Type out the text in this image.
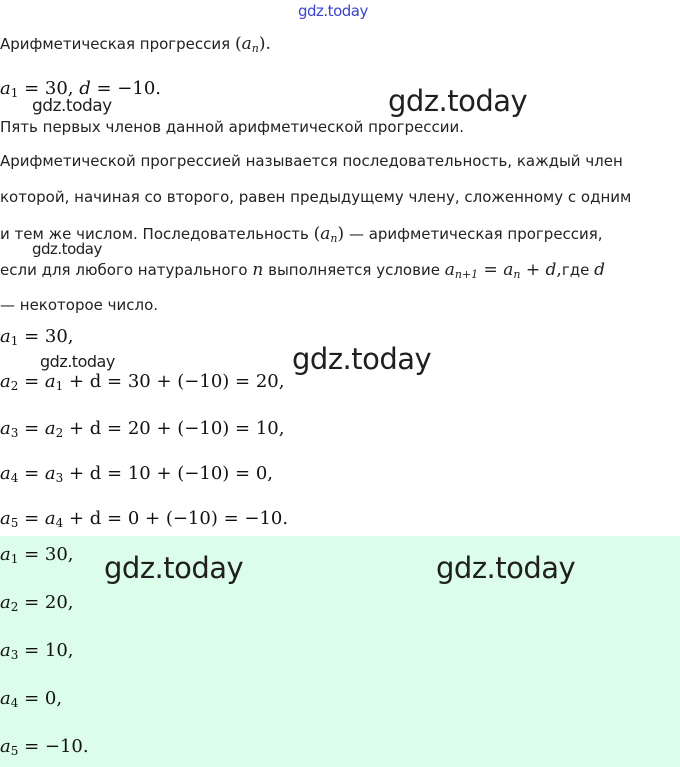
gdz.today
Арифметическая прогрессия $(a_n)$.
$a_1 = 30$, d = −10.
Пять первых членов данной арифметической прогрессии.
Арифметической прогрессией называется последовательность, каждый член
которой, начиная со второго, равен предыдущему члену, сложенному с одним
и тем же числом. Последовательность $(a_n)$ — арифметическая прогрессия,
если для любого натурального n выполняется условие $a_{n+1} = a_n + d,где$ d
— некоторое число.
$a_1 = 30$,
$a_2 = a_1 + d = 30 + (-10) = 20$,
$a_3 = a_2 + d = 20 + (-10) = 10$,
$a_4 = a_3 + d = 10 + (-10) = 0$,
$a_5 = a_4 + d = 0 + (-10) = -10$.
$a_1 = 30$,
$a_2 = 20$,
$a_3 = 10$,
$a_4 = 0$,
$a_5 = -10$.
gdz.today	gdz.today
gdz.today
gdz.today	gdz.today
gdz.today	gdz.today
